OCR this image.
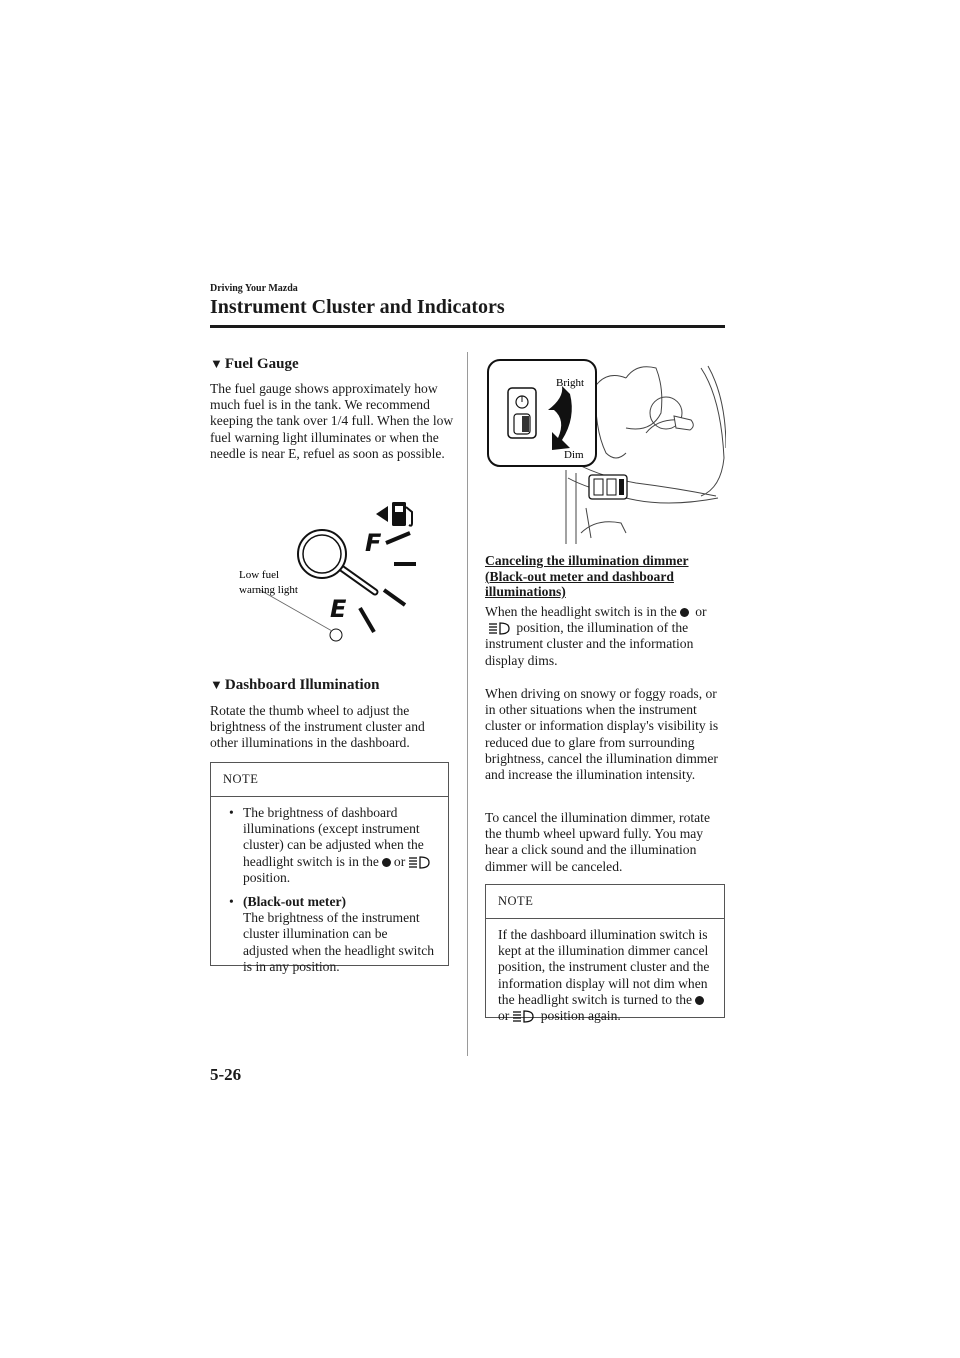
Driving Your Mazda
Instrument Cluster and Indicators
▼ Fuel Gauge
The fuel gauge shows approximately how much fuel is in the tank. We recommend keeping the tank over 1/4 full. When the low fuel warning light illuminates or when the needle is near E, refuel as soon as possible.
F
E
Low fuel
warning light
▼ Dashboard Illumination
Rotate the thumb wheel to adjust the brightness of the instrument cluster and other illuminations in the dashboard.
NOTE
• The brightness of dashboard illuminations (except instrument cluster) can be adjusted when the headlight switch is in the or position.
• (Black-out meter)
The brightness of the instrument cluster illumination can be adjusted when the headlight switch is in any position.
Bright
Dim
Canceling the illumination dimmer (Black-out meter and dashboard illuminations)
When the headlight switch is in the or
position, the illumination of the instrument cluster and the information display dims.
When driving on snowy or foggy roads, or in other situations when the instrument cluster or information display's visibility is reduced due to glare from surrounding brightness, cancel the illumination dimmer and increase the illumination intensity.
To cancel the illumination dimmer, rotate the thumb wheel upward fully. You may hear a click sound and the illumination dimmer will be canceled.
NOTE
If the dashboard illumination switch is kept at the illumination dimmer cancel position, the instrument cluster and the information display will not dim when the headlight switch is turned to the
or position again.
5-26
